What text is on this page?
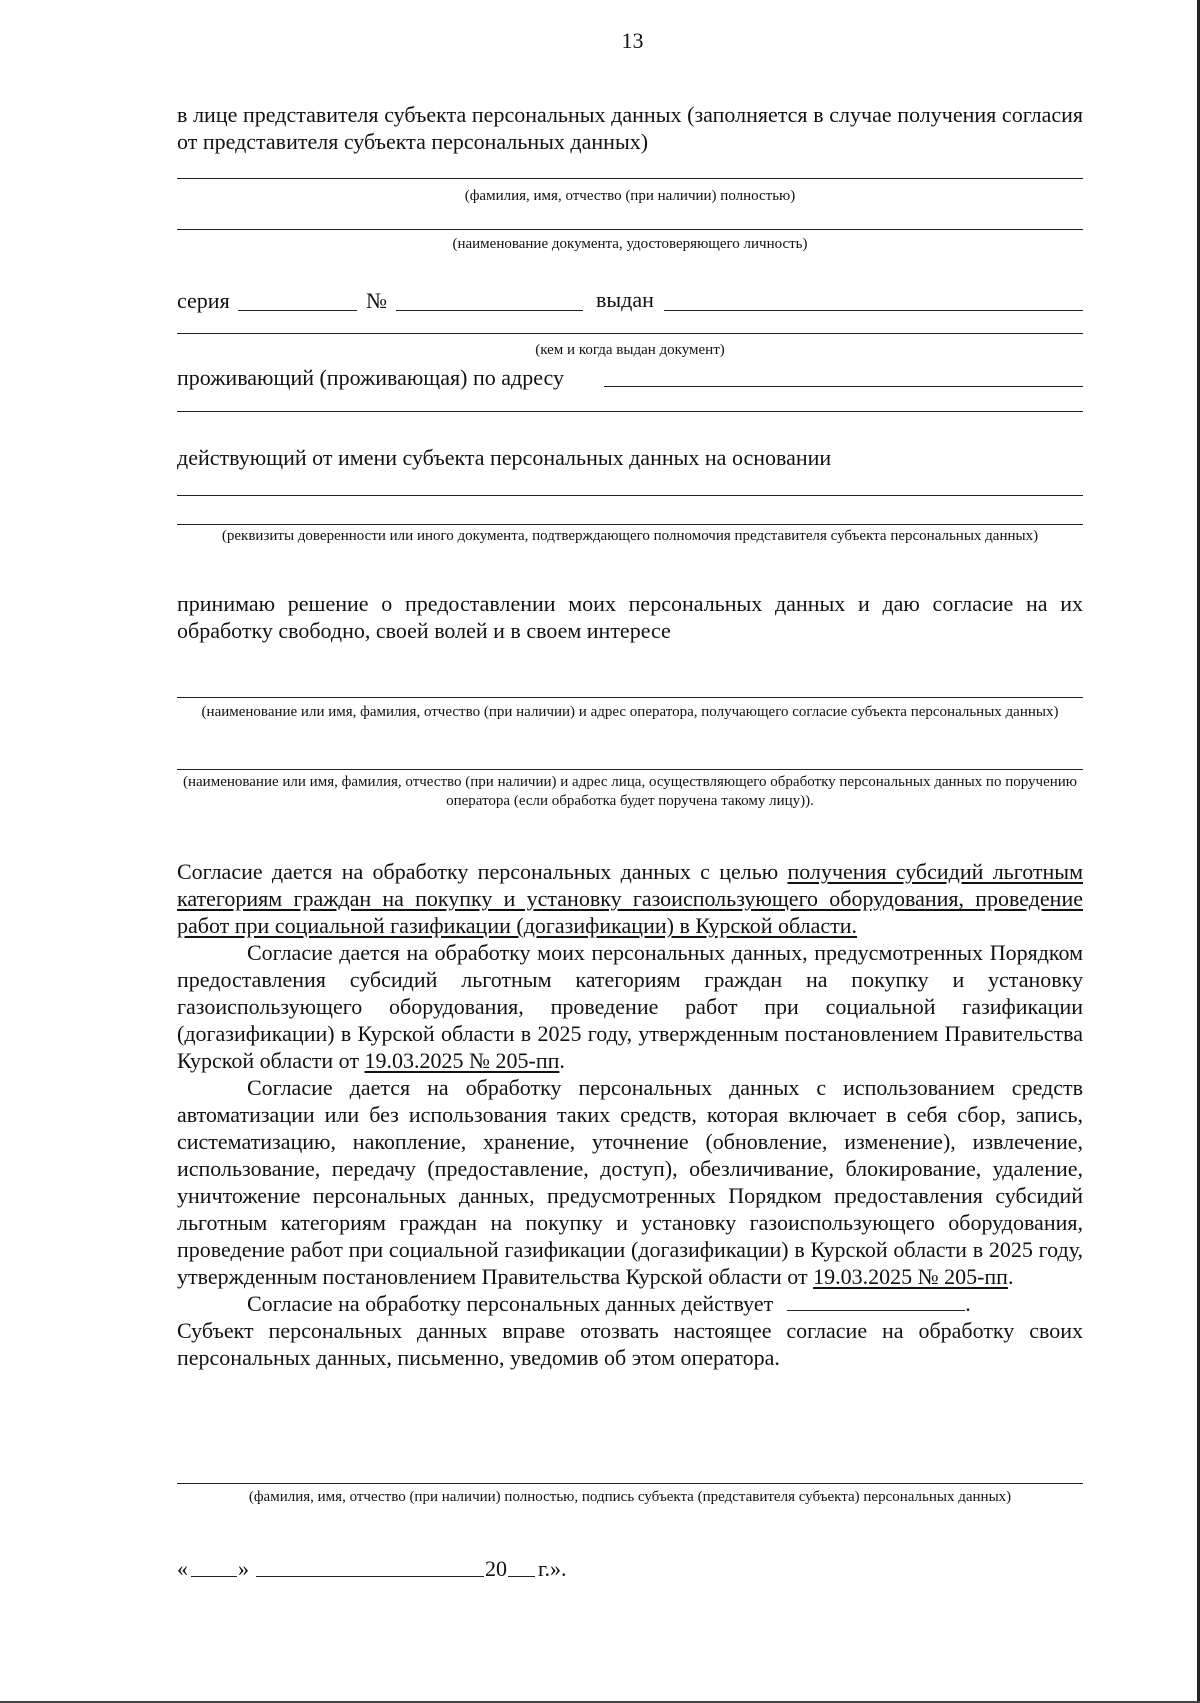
13
в лице представителя субъекта персональных данных (заполняется в случае получения согласия от представителя субъекта персональных данных)
(фамилия, имя, отчество (при наличии) полностью)
(наименование документа, удостоверяющего личность)
серия	№	выдан
(кем и когда выдан документ)
проживающий (проживающая) по адресу
действующий от имени субъекта персональных данных на основании
(реквизиты доверенности или иного документа, подтверждающего полномочия представителя субъекта персональных данных)
принимаю решение о предоставлении моих персональных данных и даю согласие на их обработку свободно, своей волей и в своем интересе
(наименование или имя, фамилия, отчество (при наличии) и адрес оператора, получающего согласие субъекта персональных данных)
(наименование или имя, фамилия, отчество (при наличии) и адрес лица, осуществляющего обработку персональных данных по поручению оператора (если обработка будет поручена такому лицу)).

Согласие дается на обработку персональных данных с целью получения субсидий льготным категориям граждан на покупку и установку газоиспользующего оборудования, проведение работ при социальной газификации (догазификации) в Курской области.

Согласие дается на обработку моих персональных данных, предусмотренных Порядком предоставления субсидий льготным категориям граждан на покупку и установку газоиспользующего оборудования, проведение работ при социальной газификации (догазификации) в Курской области в 2025 году, утвержденным постановлением Правительства Курской области от 19.03.2025 № 205-пп.

Согласие дается на обработку персональных данных с использованием средств автоматизации или без использования таких средств, которая включает в себя сбор, запись, систематизацию, накопление, хранение, уточнение (обновление, изменение), извлечение, использование, передачу (предоставление, доступ), обезличивание, блокирование, удаление, уничтожение персональных данных, предусмотренных Порядком предоставления субсидий льготным категориям граждан на покупку и установку газоиспользующего оборудования, проведение работ при социальной газификации (догазификации) в Курской области в 2025 году, утвержденным постановлением Правительства Курской области от 19.03.2025 № 205-пп.

Согласие на обработку персональных данных действует	.

Субъект персональных данных вправе отозвать настоящее согласие на обработку своих персональных данных, письменно, уведомив об этом оператора.

(фамилия, имя, отчество (при наличии) полностью, подпись субъекта (представителя субъекта) персональных данных)
« »	20 г.».
